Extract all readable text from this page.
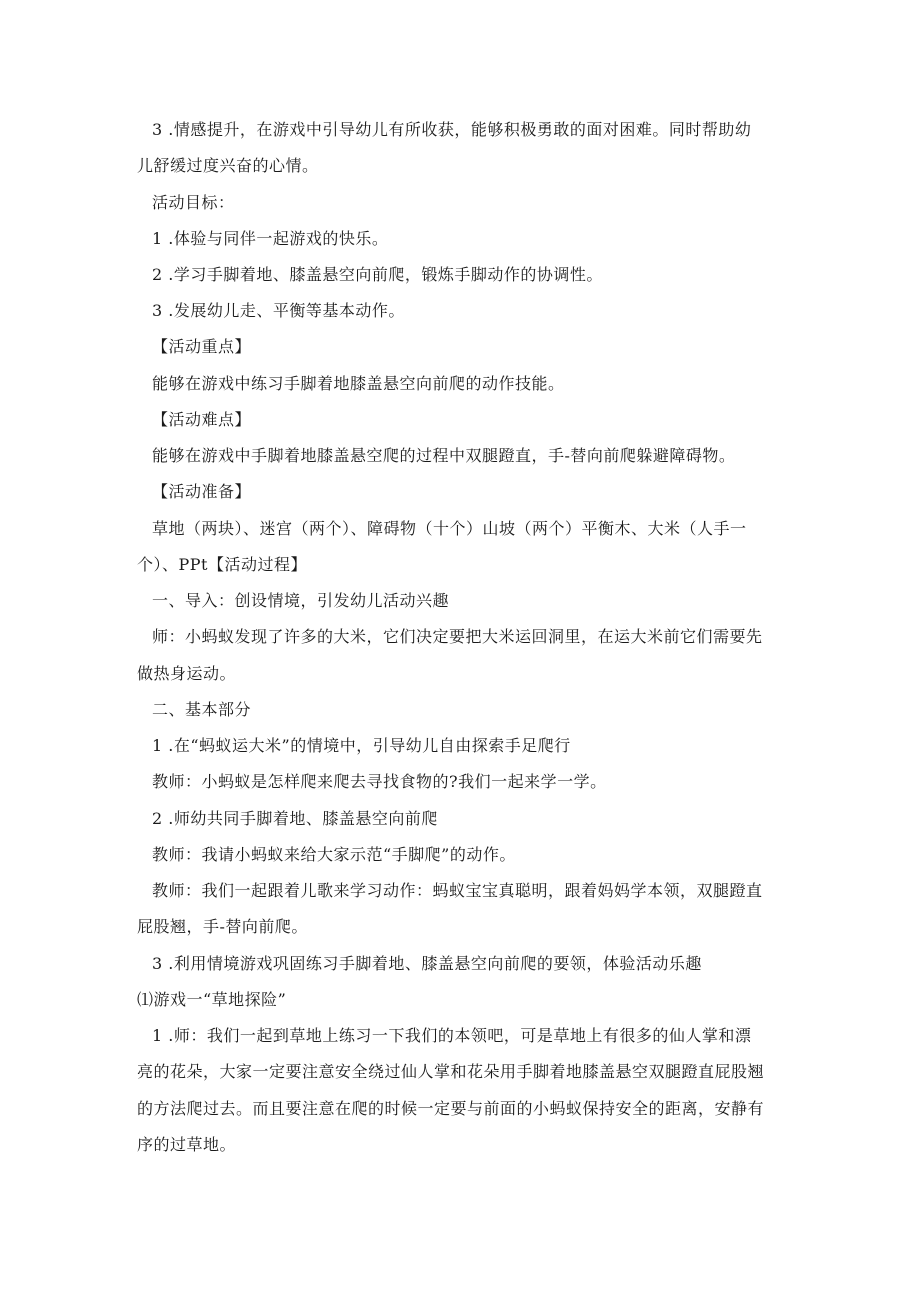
3 .情感提升，在游戏中引导幼儿有所收获，能够积极勇敢的面对困难。同时帮助幼
儿舒缓过度兴奋的心情。
活动目标：
1 .体验与同伴一起游戏的快乐。
2 .学习手脚着地、膝盖悬空向前爬，锻炼手脚动作的协调性。
3 .发展幼儿走、平衡等基本动作。
【活动重点】
能够在游戏中练习手脚着地膝盖悬空向前爬的动作技能。
【活动难点】
能够在游戏中手脚着地膝盖悬空爬的过程中双腿蹬直，手-替向前爬躲避障碍物。
【活动准备】
草地（两块）、迷宫（两个）、障碍物（十个）山坡（两个）平衡木、大米（人手一
个）、PPt【活动过程】
一、导入：创设情境，引发幼儿活动兴趣
师：小蚂蚁发现了许多的大米，它们决定要把大米运回洞里，在运大米前它们需要先
做热身运动。
二、基本部分
1 .在“蚂蚁运大米”的情境中，引导幼儿自由探索手足爬行
教师：小蚂蚁是怎样爬来爬去寻找食物的?我们一起来学一学。
2 .师幼共同手脚着地、膝盖悬空向前爬
教师：我请小蚂蚁来给大家示范“手脚爬”的动作。
教师：我们一起跟着儿歌来学习动作：蚂蚁宝宝真聪明，跟着妈妈学本领，双腿蹬直
屁股翘，手-替向前爬。
3 .利用情境游戏巩固练习手脚着地、膝盖悬空向前爬的要领，体验活动乐趣
⑴游戏一“草地探险”
1 .师：我们一起到草地上练习一下我们的本领吧，可是草地上有很多的仙人掌和漂
亮的花朵，大家一定要注意安全绕过仙人掌和花朵用手脚着地膝盖悬空双腿蹬直屁股翘
的方法爬过去。而且要注意在爬的时候一定要与前面的小蚂蚁保持安全的距离，安静有
序的过草地。
